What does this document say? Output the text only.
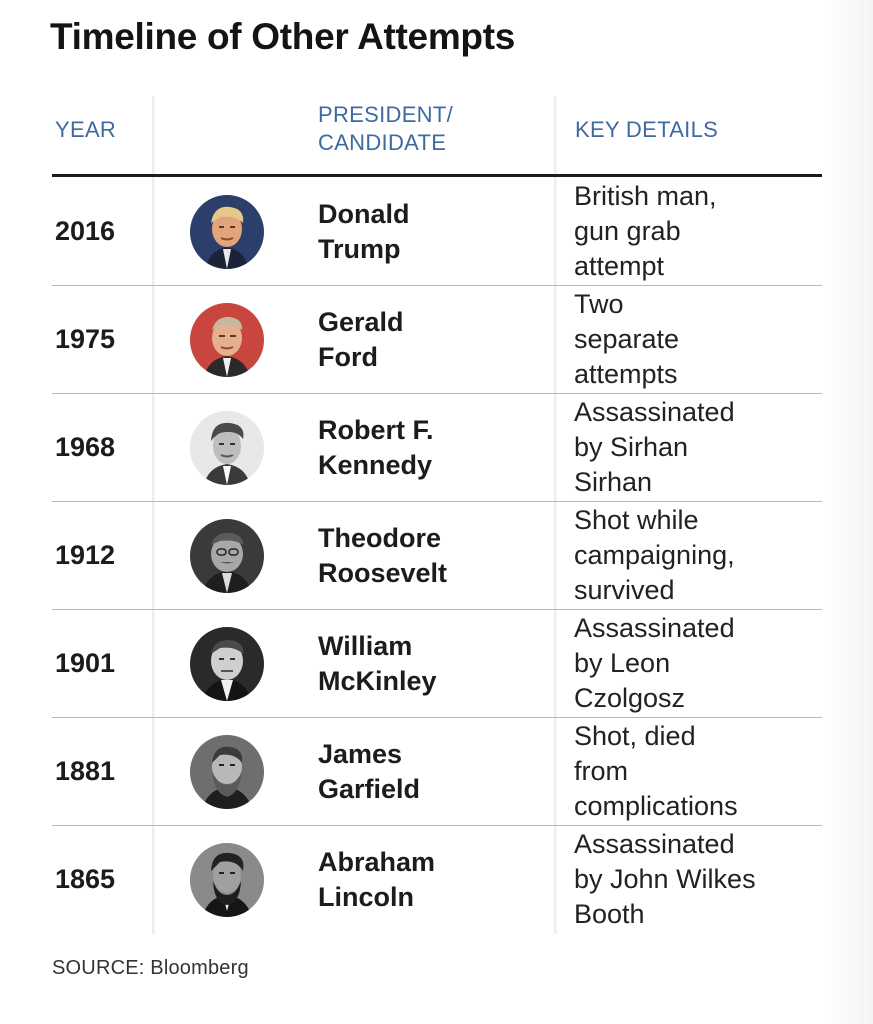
Timeline of Other Attempts
YEAR
PRESIDENT/
CANDIDATE
KEY DETAILS
2016
Donald
Trump
British man,
gun grab
attempt
1975
Gerald
Ford
Two
separate
attempts
1968
Robert F.
Kennedy
Assassinated
by Sirhan
Sirhan
1912
Theodore
Roosevelt
Shot while
campaigning,
survived
1901
William
McKinley
Assassinated
by Leon
Czolgosz
1881
James
Garfield
Shot, died
from
complications
1865
Abraham
Lincoln
Assassinated
by John Wilkes
Booth
SOURCE: Bloomberg
